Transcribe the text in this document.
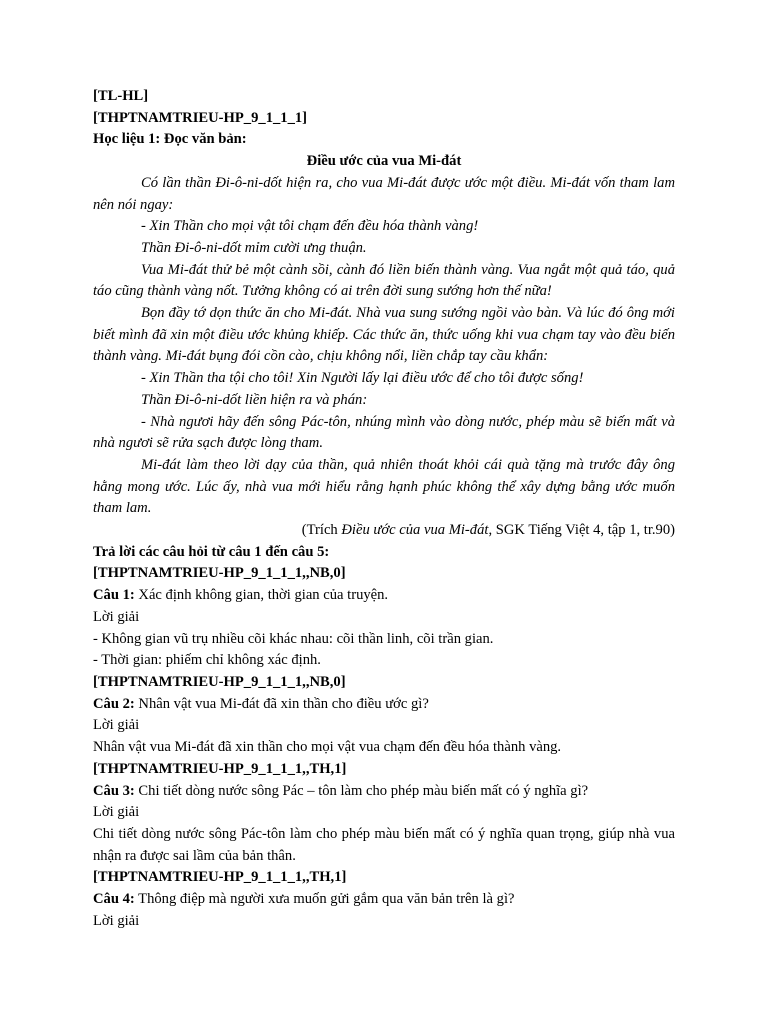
[TL-HL]

[THPTNAMTRIEU-HP_9_1_1_1]

Học liệu 1: Đọc văn bản:

Điều ước của vua Mi-đát

Có lần thần Đi-ô-ni-dốt hiện ra, cho vua Mi-đát được ước một điều. Mi-đát vốn tham lam nên nói ngay:

- Xin Thần cho mọi vật tôi chạm đến đều hóa thành vàng!

Thần Đi-ô-ni-dốt mỉm cười ưng thuận.

Vua Mi-đát thử bẻ một cành sồi, cành đó liền biến thành vàng. Vua ngắt một quả táo, quả táo cũng thành vàng nốt. Tưởng không có ai trên đời sung sướng hơn thế nữa!

Bọn đầy tớ dọn thức ăn cho Mi-đát. Nhà vua sung sướng ngồi vào bàn. Và lúc đó ông mới biết mình đã xin một điều ước khủng khiếp. Các thức ăn, thức uống khi vua chạm tay vào đều biến thành vàng. Mi-đát bụng đói cồn cào, chịu không nổi, liền chắp tay cầu khẩn:

- Xin Thần tha tội cho tôi! Xin Người lấy lại điều ước để cho tôi được sống!

Thần Đi-ô-ni-dốt liền hiện ra và phán:

- Nhà ngươi hãy đến sông Pác-tôn, nhúng mình vào dòng nước, phép màu sẽ biến mất và nhà ngươi sẽ rửa sạch được lòng tham.

Mi-đát làm theo lời dạy của thần, quả nhiên thoát khỏi cái quà tặng mà trước đây ông hằng mong ước. Lúc ấy, nhà vua mới hiểu rằng hạnh phúc không thể xây dựng bằng ước muốn tham lam.

(Trích Điều ước của vua Mi-đát, SGK Tiếng Việt 4, tập 1, tr.90)

Trả lời các câu hỏi từ câu 1 đến câu 5:

[THPTNAMTRIEU-HP_9_1_1_1,,NB,0]

Câu 1: Xác định không gian, thời gian của truyện.

Lời giải

- Không gian vũ trụ nhiều cõi khác nhau: cõi thần linh, cõi trần gian.

- Thời gian: phiếm chỉ không xác định.

[THPTNAMTRIEU-HP_9_1_1_1,,NB,0]

Câu 2: Nhân vật vua Mi-đát đã xin thần cho điều ước gì?

Lời giải

Nhân vật vua Mi-đát đã xin thần cho mọi vật vua chạm đến đều hóa thành vàng.

[THPTNAMTRIEU-HP_9_1_1_1,,TH,1]

Câu 3: Chi tiết dòng nước sông Pác – tôn làm cho phép màu biến mất có ý nghĩa gì?

Lời giải

Chi tiết dòng nước sông Pác-tôn làm cho phép màu biến mất có ý nghĩa quan trọng, giúp nhà vua nhận ra được sai lầm của bản thân.

[THPTNAMTRIEU-HP_9_1_1_1,,TH,1]

Câu 4: Thông điệp mà người xưa muốn gửi gắm qua văn bản trên là gì?

Lời giải
